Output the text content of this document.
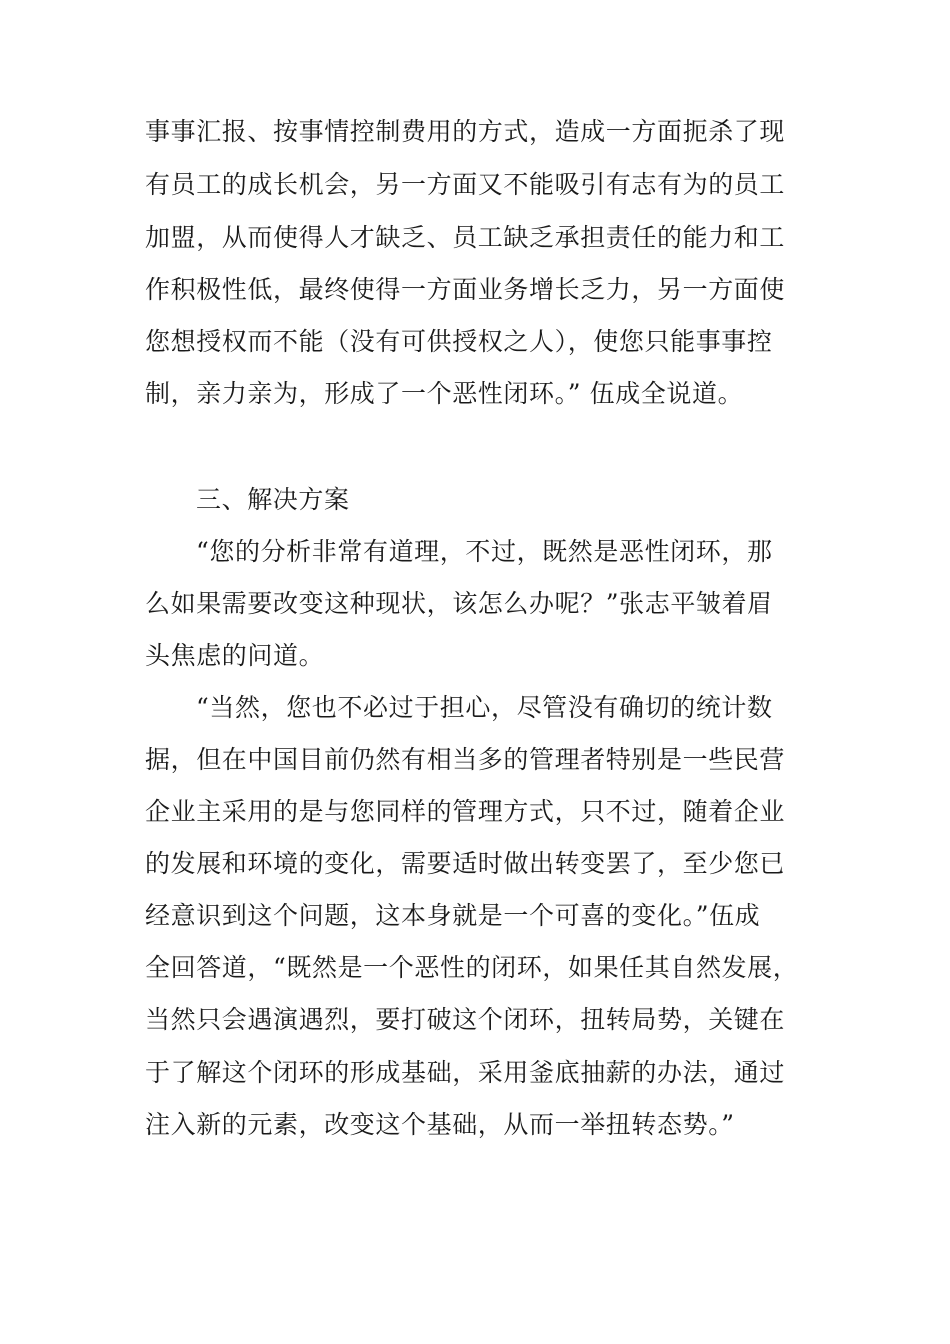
事事汇报、按事情控制费用的方式，造成一方面扼杀了现
有员工的成长机会，另一方面又不能吸引有志有为的员工
加盟，从而使得人才缺乏、员工缺乏承担责任的能力和工
作积极性低，最终使得一方面业务增长乏力，另一方面使
您想授权而不能（没有可供授权之人），使您只能事事控
制，亲力亲为，形成了一个恶性闭环。” 伍成全说道。
三、解决方案
“您的分析非常有道理，不过，既然是恶性闭环，那
么如果需要改变这种现状，该怎么办呢？”张志平皱着眉
头焦虑的问道。
“当然，您也不必过于担心，尽管没有确切的统计数
据，但在中国目前仍然有相当多的管理者特别是一些民营
企业主采用的是与您同样的管理方式，只不过，随着企业
的发展和环境的变化，需要适时做出转变罢了，至少您已
经意识到这个问题，这本身就是一个可喜的变化。”伍成
全回答道，“既然是一个恶性的闭环，如果任其自然发展，
当然只会遇演遇烈，要打破这个闭环，扭转局势，关键在
于了解这个闭环的形成基础，采用釜底抽薪的办法，通过
注入新的元素，改变这个基础，从而一举扭转态势。”
